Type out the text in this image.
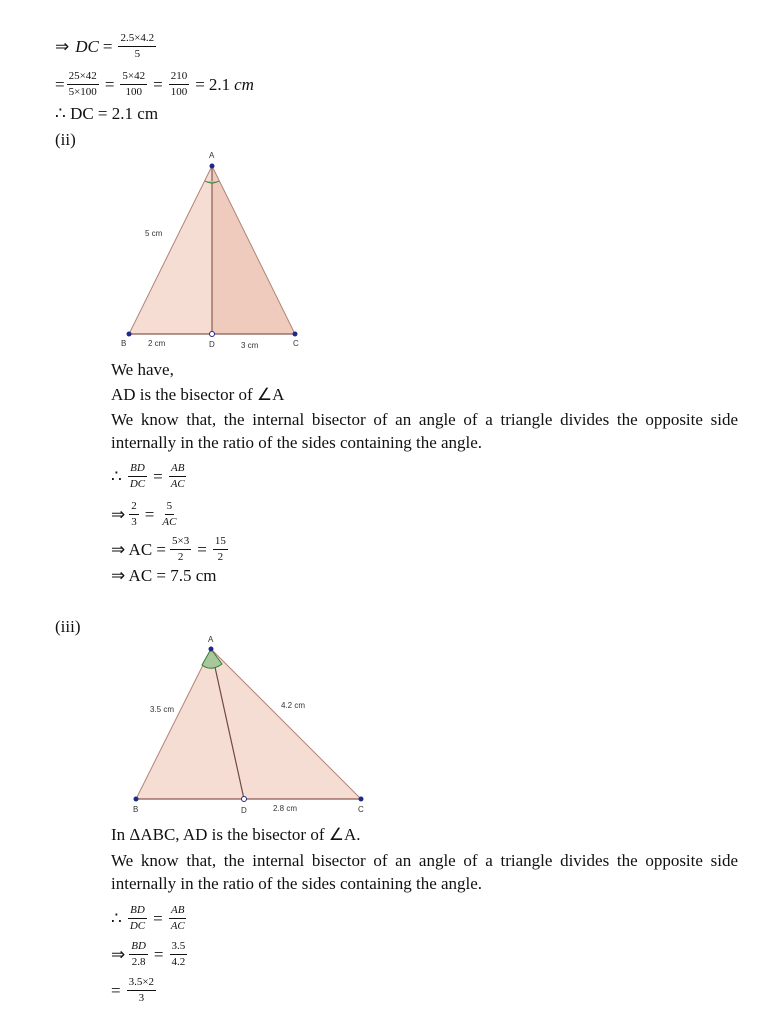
⇒ DC = $\frac{2.5\times 4.2}{5}$
= $\frac{25\times 42}{5\times 100} = \frac{5\times 42}{100} = \frac{210}{100} = 2.1$ cm
∴ DC = 2.1 cm
(ii)
A
B	C
D
5 cm
2 cm	3 cm
We have,
AD is the bisector of ∠A
We know that, the internal bisector of an angle of a triangle divides the opposite side internally in the ratio of the sides containing the angle.
∴ $\frac{BD}{DC} = \frac{AB}{AC}$
⇒ $\frac{2}{3} = \frac{5}{AC}$
⇒ AC = $\frac{5\times 3}{2} = \frac{15}{2}$
⇒ AC = 7.5 cm
(iii)
A
B	C
D
3.5 cm	4.2 cm
2.8 cm
In ΔABC, AD is the bisector of ∠A.
We know that, the internal bisector of an angle of a triangle divides the opposite side internally in the ratio of the sides containing the angle.
∴ $\frac{BD}{DC} = \frac{AB}{AC}$
⇒ $\frac{BD}{2.8} = \frac{3.5}{4.2}$
= $\frac{3.5\times 2}{3}$
